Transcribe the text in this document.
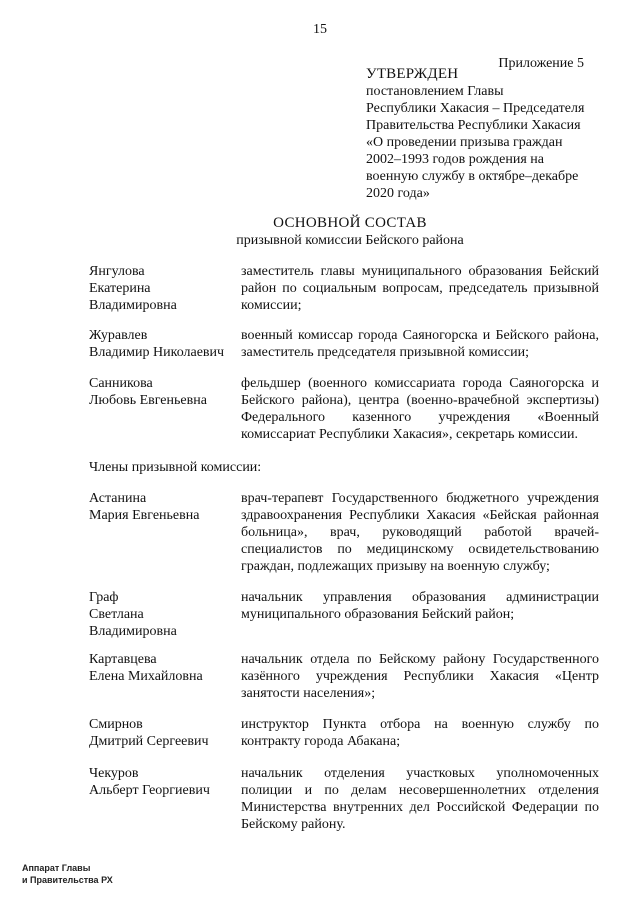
15
Приложение 5
УТВЕРЖДЕН
постановлением Главы
Республики Хакасия – Председателя
Правительства Республики Хакасия
«О проведении призыва граждан
2002–1993 годов рождения на
военную службу в октябре–декабре
2020 года»
ОСНОВНОЙ СОСТАВ
призывной комиссии Бейского района
Янгулова
Екатерина
Владимировна
заместитель главы муниципального образования Бейский район по социальным вопросам, председатель призывной комиссии;
Журавлев
Владимир Николаевич
военный комиссар города Саяногорска и Бейского района, заместитель председателя призывной комиссии;
Санникова
Любовь Евгеньевна
фельдшер (военного комиссариата города Саяногорска и Бейского района), центра (военно-врачебной экспертизы) Федерального казенного учреждения «Военный комиссариат Республики Хакасия», секретарь комиссии.
Члены призывной комиссии:
Астанина
Мария Евгеньевна
врач-терапевт Государственного бюджетного учреждения здравоохранения Республики Хакасия «Бейская районная больница», врач, руководящий работой врачей-специалистов по медицинскому освидетельствованию граждан, подлежащих призыву на военную службу;
Граф
Светлана
Владимировна
начальник управления образования администрации муниципального образования Бейский район;
Картавцева
Елена Михайловна
начальник отдела по Бейскому району Государственного казённого учреждения Республики Хакасия «Центр занятости населения»;
Смирнов
Дмитрий Сергеевич
инструктор Пункта отбора на военную службу по контракту города Абакана;
Чекуров
Альберт Георгиевич
начальник отделения участковых уполномоченных полиции и по делам несовершеннолетних отделения Министерства внутренних дел Российской Федерации по Бейскому району.
Аппарат Главы
и Правительства РХ
